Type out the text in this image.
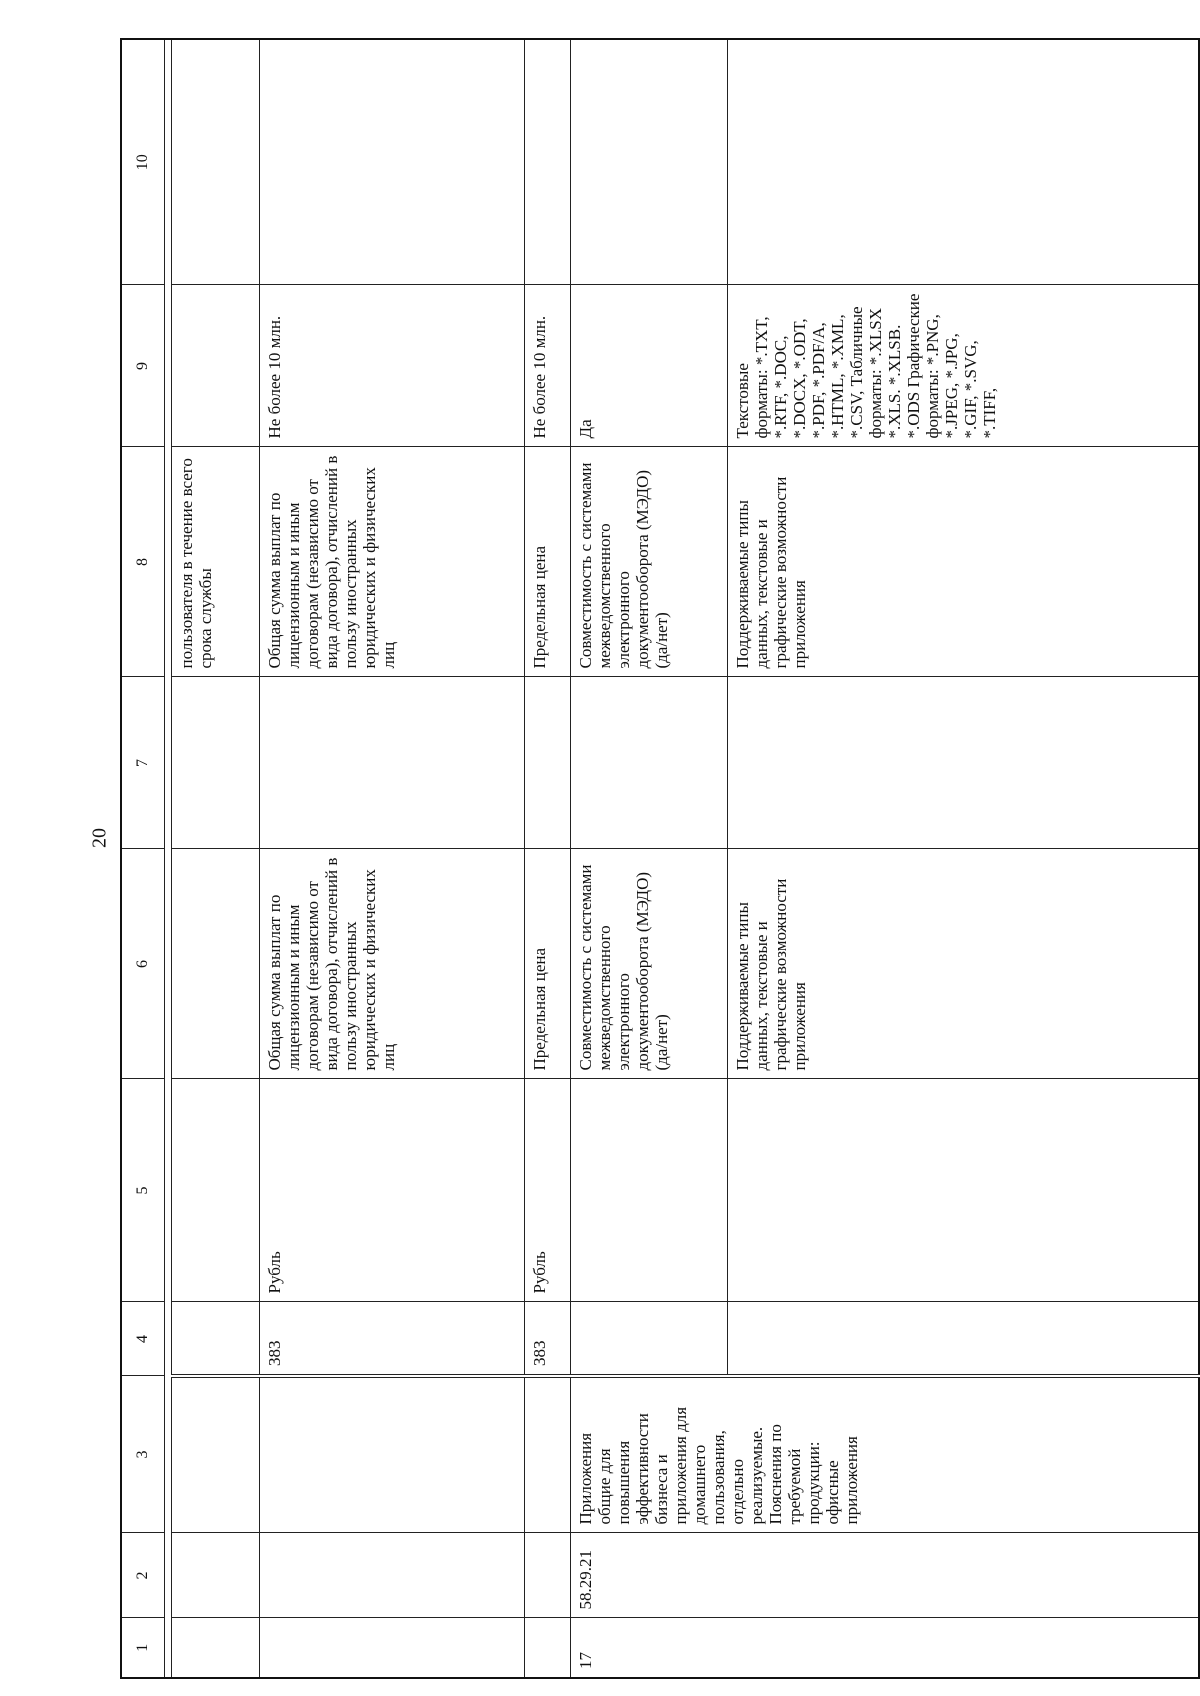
20
1	2	3	4	5	6	7	8	9	10

							пользователя в течение всего срока службы		
			383	Рубль	Общая сумма выплат по лицензионным и иным договорам (независимо от вида договора), отчислений в пользу иностранных юридических и физических лиц		Общая сумма выплат по лицензионным и иным договорам (независимо от вида договора), отчислений в пользу иностранных юридических и физических лиц	Не более 10 млн.	
			383	Рубль	Предельная цена		Предельная цена	Не более 10 млн.	
17	58.29.21	Приложения общие для повышения эффективности бизнеса и приложения для домашнего пользования, отдельно реализуемые. Пояснения по требуемой продукции: офисные приложения			Совместимость с системами межведомственного электронного документооборота (МЭДО) (да/нет)		Совместимость с системами межведомственного электронного документооборота (МЭДО) (да/нет)	Да	
					Поддерживаемые типы данных, текстовые и графические возможности приложения		Поддерживаемые типы данных, текстовые и графические возможности приложения	Текстовые форматы: *.TXT, *.RTF, *.DOC, *.DOCX, *.ODT, *.PDF, *.PDF/A, *.HTML, *.XML, *.CSV, Табличные форматы: *.XLSX *.XLS. *.XLSB. *.ODS Графические форматы: *.PNG, *.JPEG, *.JPG, *.GIF, *.SVG, *.TIFF,	
